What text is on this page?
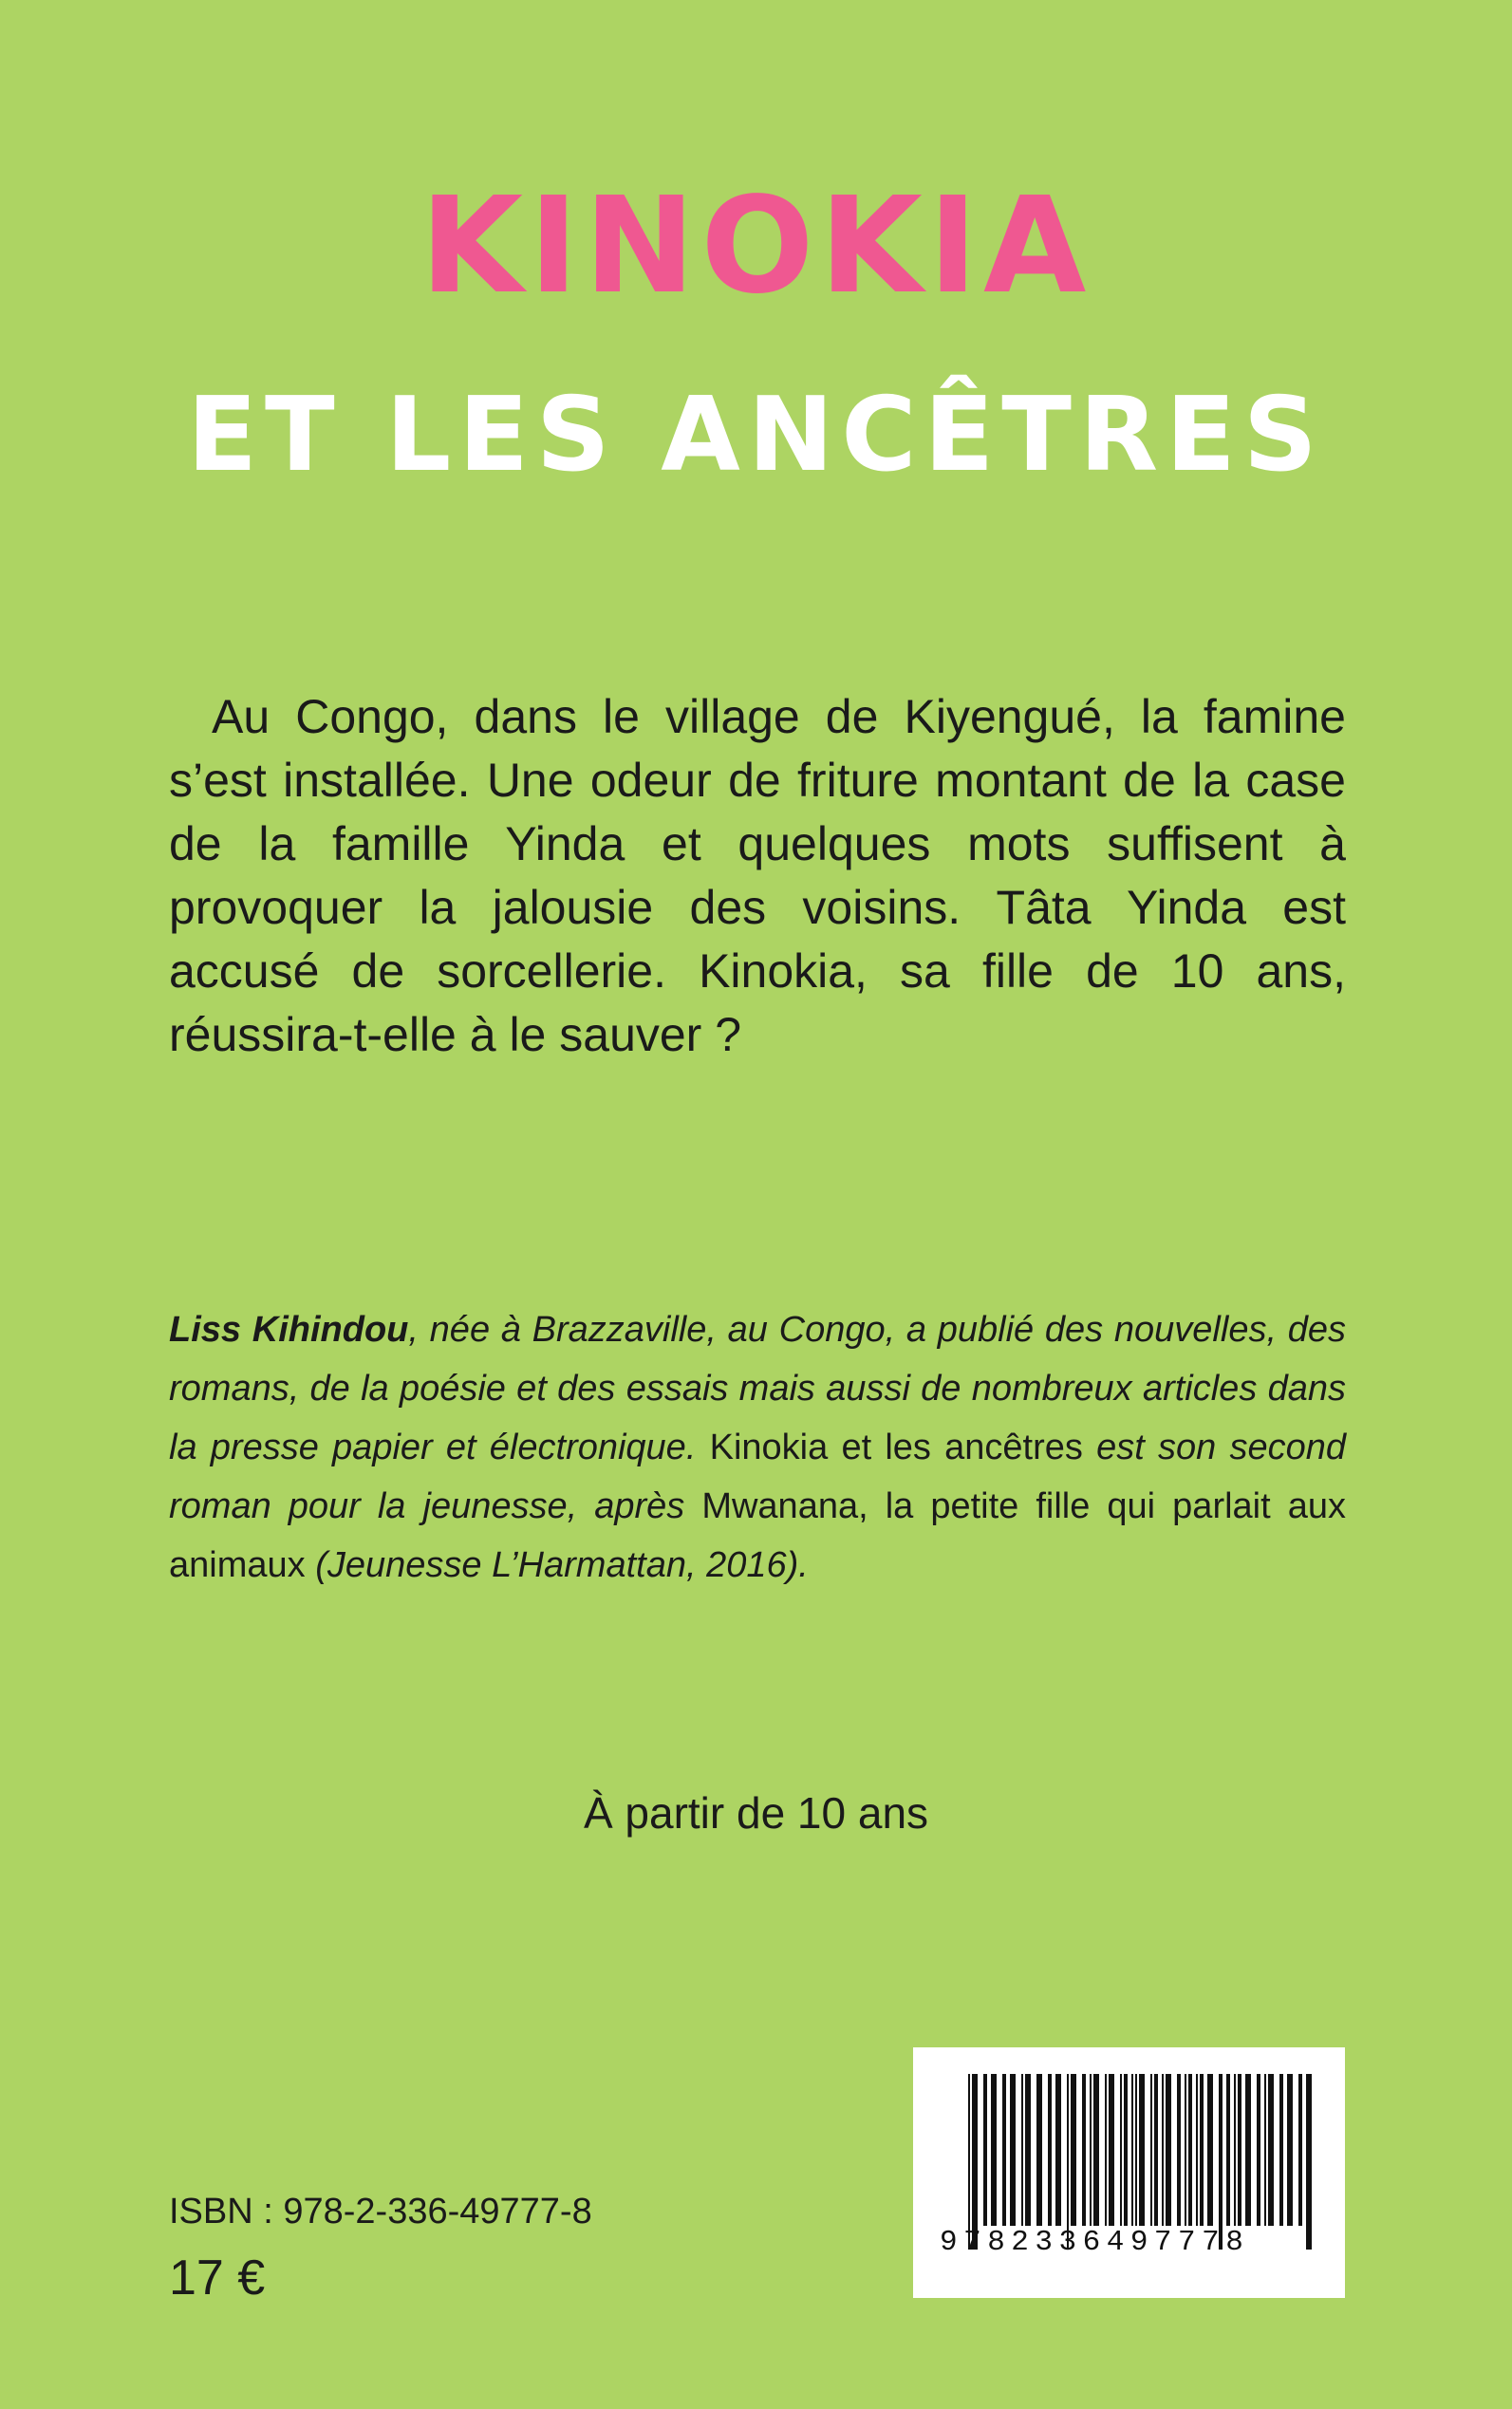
KINOKIA
ET LES ANCÊTRES

Au Congo, dans le village de Kiyengué, la famine s’est installée. Une odeur de friture montant de la case de la famille Yinda et quelques mots suffisent à provoquer la jalousie des voisins. Tâta Yinda est accusé de sorcellerie. Kinokia, sa fille de 10 ans, réussira-t-elle à le sauver ?

Liss Kihindou, née à Brazzaville, au Congo, a publié des nouvelles, des romans, de la poésie et des essais mais aussi de nombreux articles dans la presse papier et électronique. Kinokia et les ancêtres est son second roman pour la jeunesse, après Mwanana, la petite fille qui parlait aux animaux (Jeunesse L’Harmattan, 2016).

À partir de 10 ans
ISBN : 978-2-336-49777-8
17 €
9782336497778
